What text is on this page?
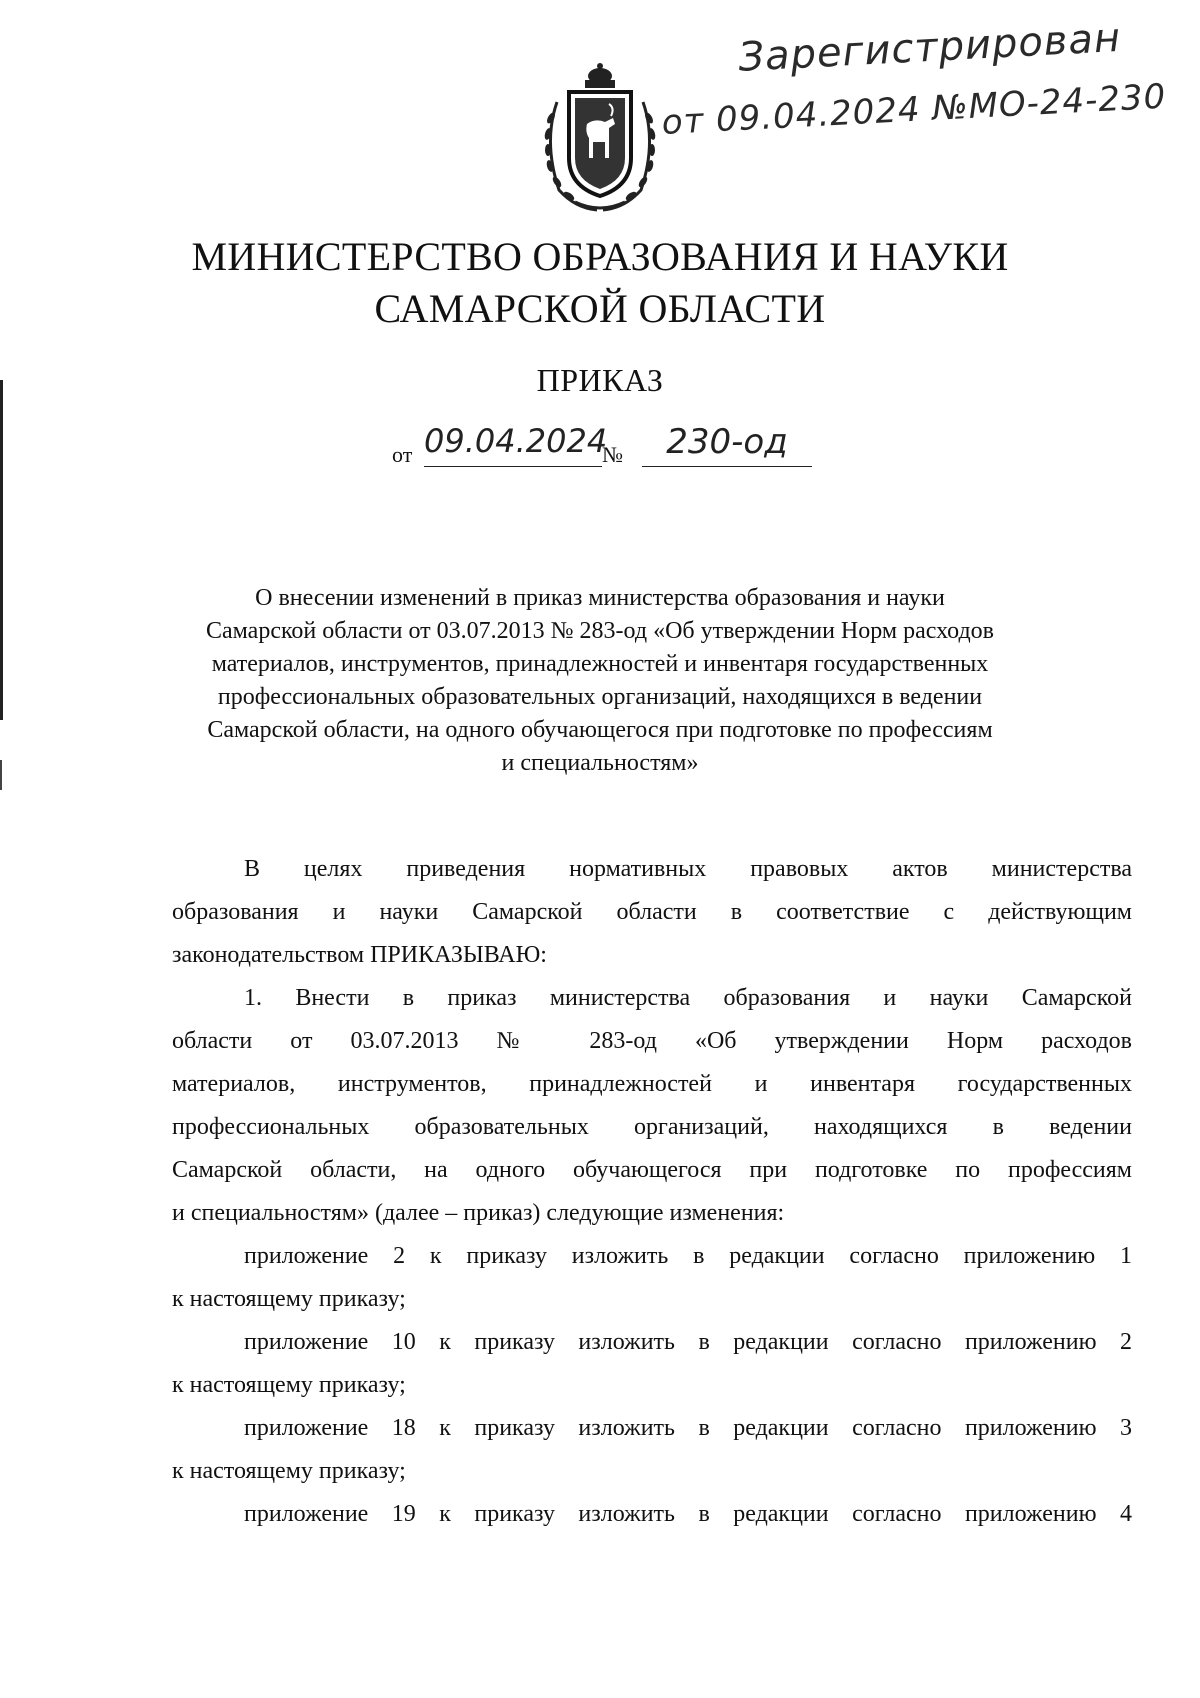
Зарегистрирован
от 09.04.2024 №МО-24-230
МИНИСТЕРСТВО ОБРАЗОВАНИЯ И НАУКИ
САМАРСКОЙ ОБЛАСТИ
ПРИКАЗ
от 09.04.2024
№	230-од
О внесении изменений в приказ министерства образования и науки
Самарской области от 03.07.2013 № 283-од «Об утверждении Норм расходов
материалов, инструментов, принадлежностей и инвентаря государственных
профессиональных образовательных организаций, находящихся в ведении
Самарской области, на одного обучающегося при подготовке по профессиям
и специальностям»
В целях приведения нормативных правовых актов министерства
образования и науки Самарской области в соответствие с действующим
законодательством ПРИКАЗЫВАЮ:
1. Внести в приказ министерства образования и науки Самарской
области от 03.07.2013 № 283-од «Об утверждении Норм расходов
материалов, инструментов, принадлежностей и инвентаря государственных
профессиональных образовательных организаций, находящихся в ведении
Самарской области, на одного обучающегося при подготовке по профессиям
и специальностям» (далее – приказ) следующие изменения:
приложение 2 к приказу изложить в редакции согласно приложению 1
к настоящему приказу;
приложение 10 к приказу изложить в редакции согласно приложению 2
к настоящему приказу;
приложение 18 к приказу изложить в редакции согласно приложению 3
к настоящему приказу;
приложение 19 к приказу изложить в редакции согласно приложению 4
